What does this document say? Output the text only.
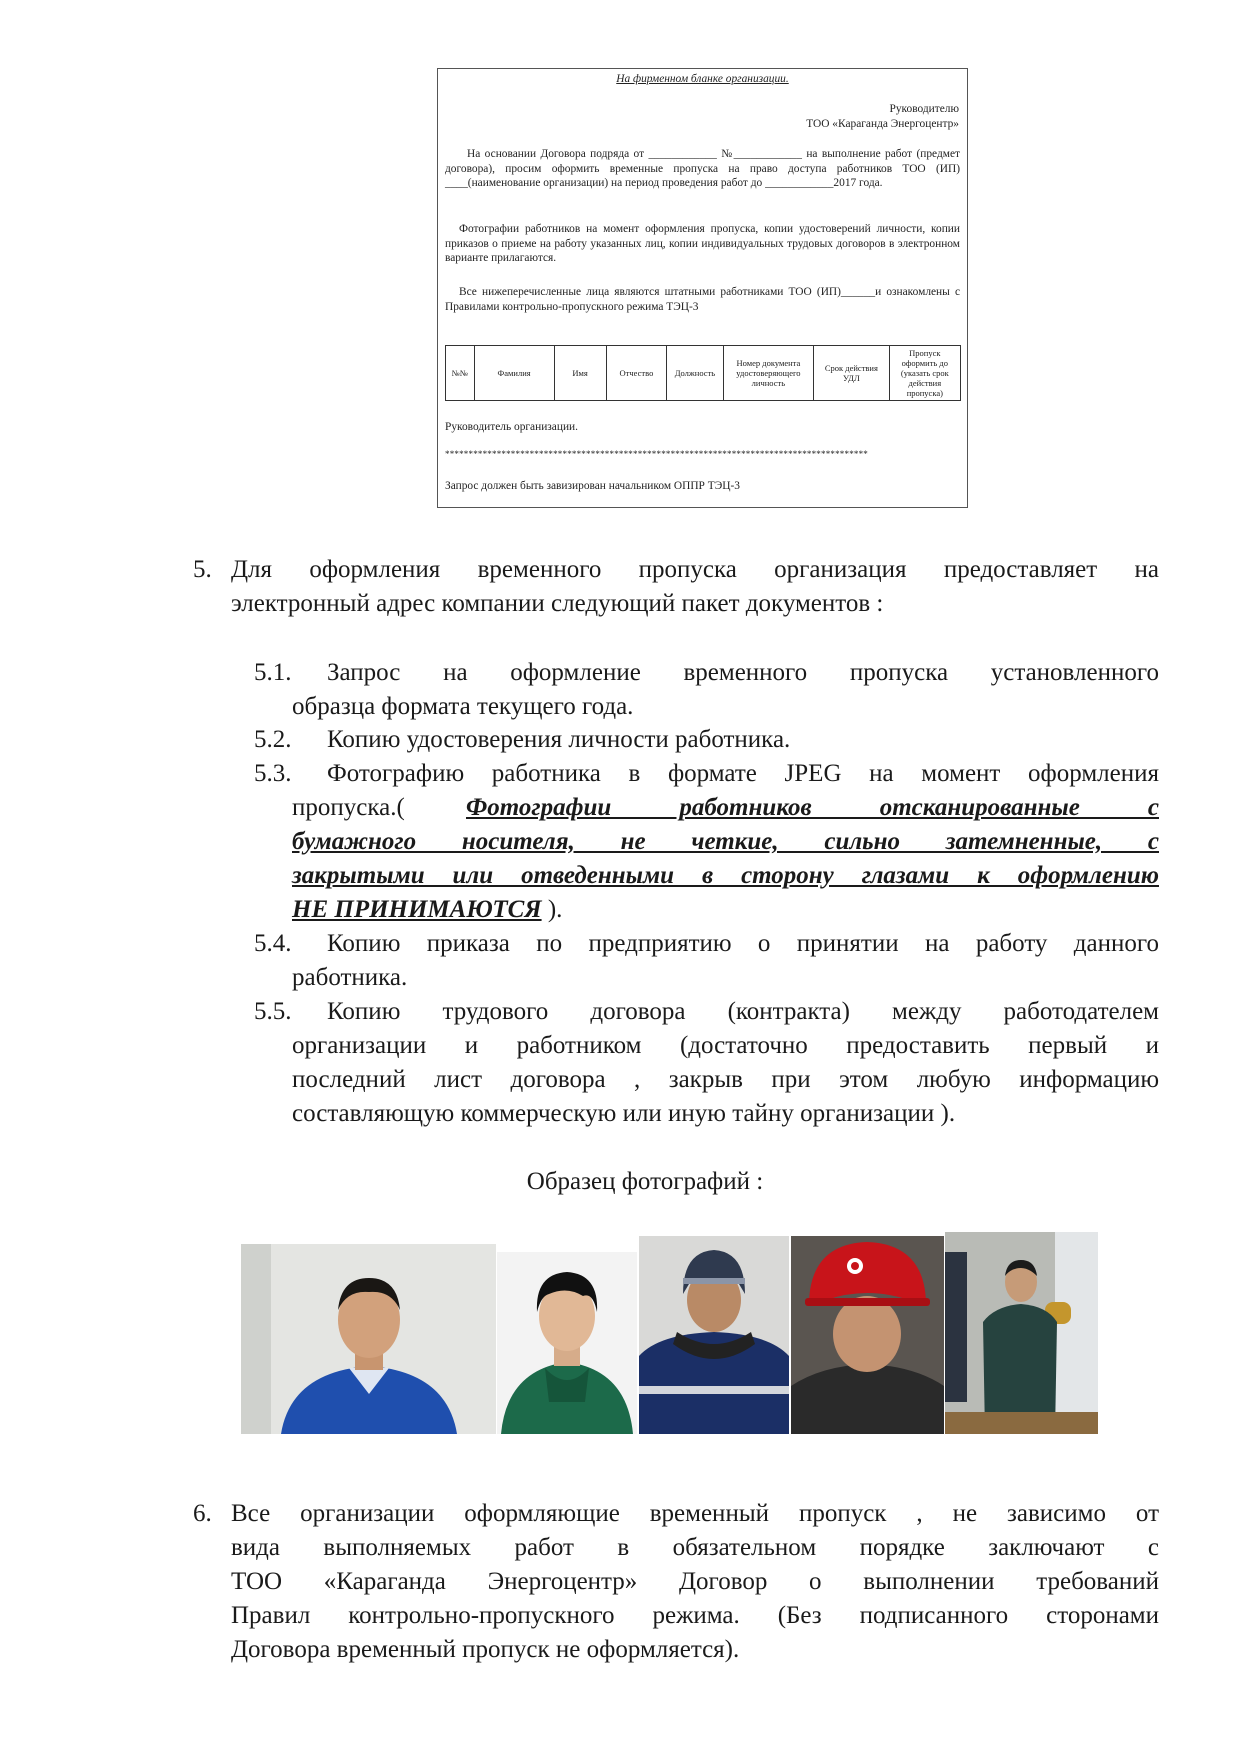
На фирменном бланке организации.
Руководителю
ТОО «Караганда Энергоцентр»
На основании Договора подряда от ____________ №____________ на выполнение работ (предмет договора), просим оформить временные пропуска на право доступа работников ТОО (ИП) ____(наименование организации) на период проведения работ до ____________2017 года.
Фотографии работников на момент оформления пропуска, копии удостоверений личности, копии приказов о приеме на работу указанных лиц, копии индивидуальных трудовых договоров в электронном варианте прилагаются.
Все нижеперечисленные лица являются штатными работниками ТОО (ИП)______и ознакомлены с Правилами контрольно-пропускного режима ТЭЦ-3
№№	Фамилия	Имя	Отчество	Должность	Номер документа удостоверяющего личность	Срок действия УДЛ	Пропуск оформить до (указать срок действия пропуска)
Руководитель организации.
******************************************************************************************
Запрос должен быть завизирован начальником ОППР ТЭЦ-3
5. Для оформления временного пропуска организация предоставляет на
электронный адрес компании следующий пакет документов :
5.1. Запрос на оформление временного пропуска установленного
образца формата текущего года.
5.2. Копию удостоверения личности работника.
5.3. Фотографию работника в формате JPEG на момент оформления
пропуска.( Фотографии работников отсканированные с
бумажного носителя, не четкие, сильно затемненные, с
закрытыми или отведенными в сторону глазами к оформлению
НЕ ПРИНИМАЮТСЯ ).
5.4. Копию приказа по предприятию о принятии на работу данного
работника.
5.5. Копию трудового договора (контракта) между работодателем
организации и работником (достаточно предоставить первый и
последний лист договора , закрыв при этом любую информацию
составляющую коммерческую или иную тайну организации ).
Образец фотографий :
6. Все организации оформляющие временный пропуск , не зависимо от
вида выполняемых работ в обязательном порядке заключают с
ТОО «Караганда Энергоцентр» Договор о выполнении требований
Правил контрольно-пропускного режима. (Без подписанного сторонами
Договора временный пропуск не оформляется).
